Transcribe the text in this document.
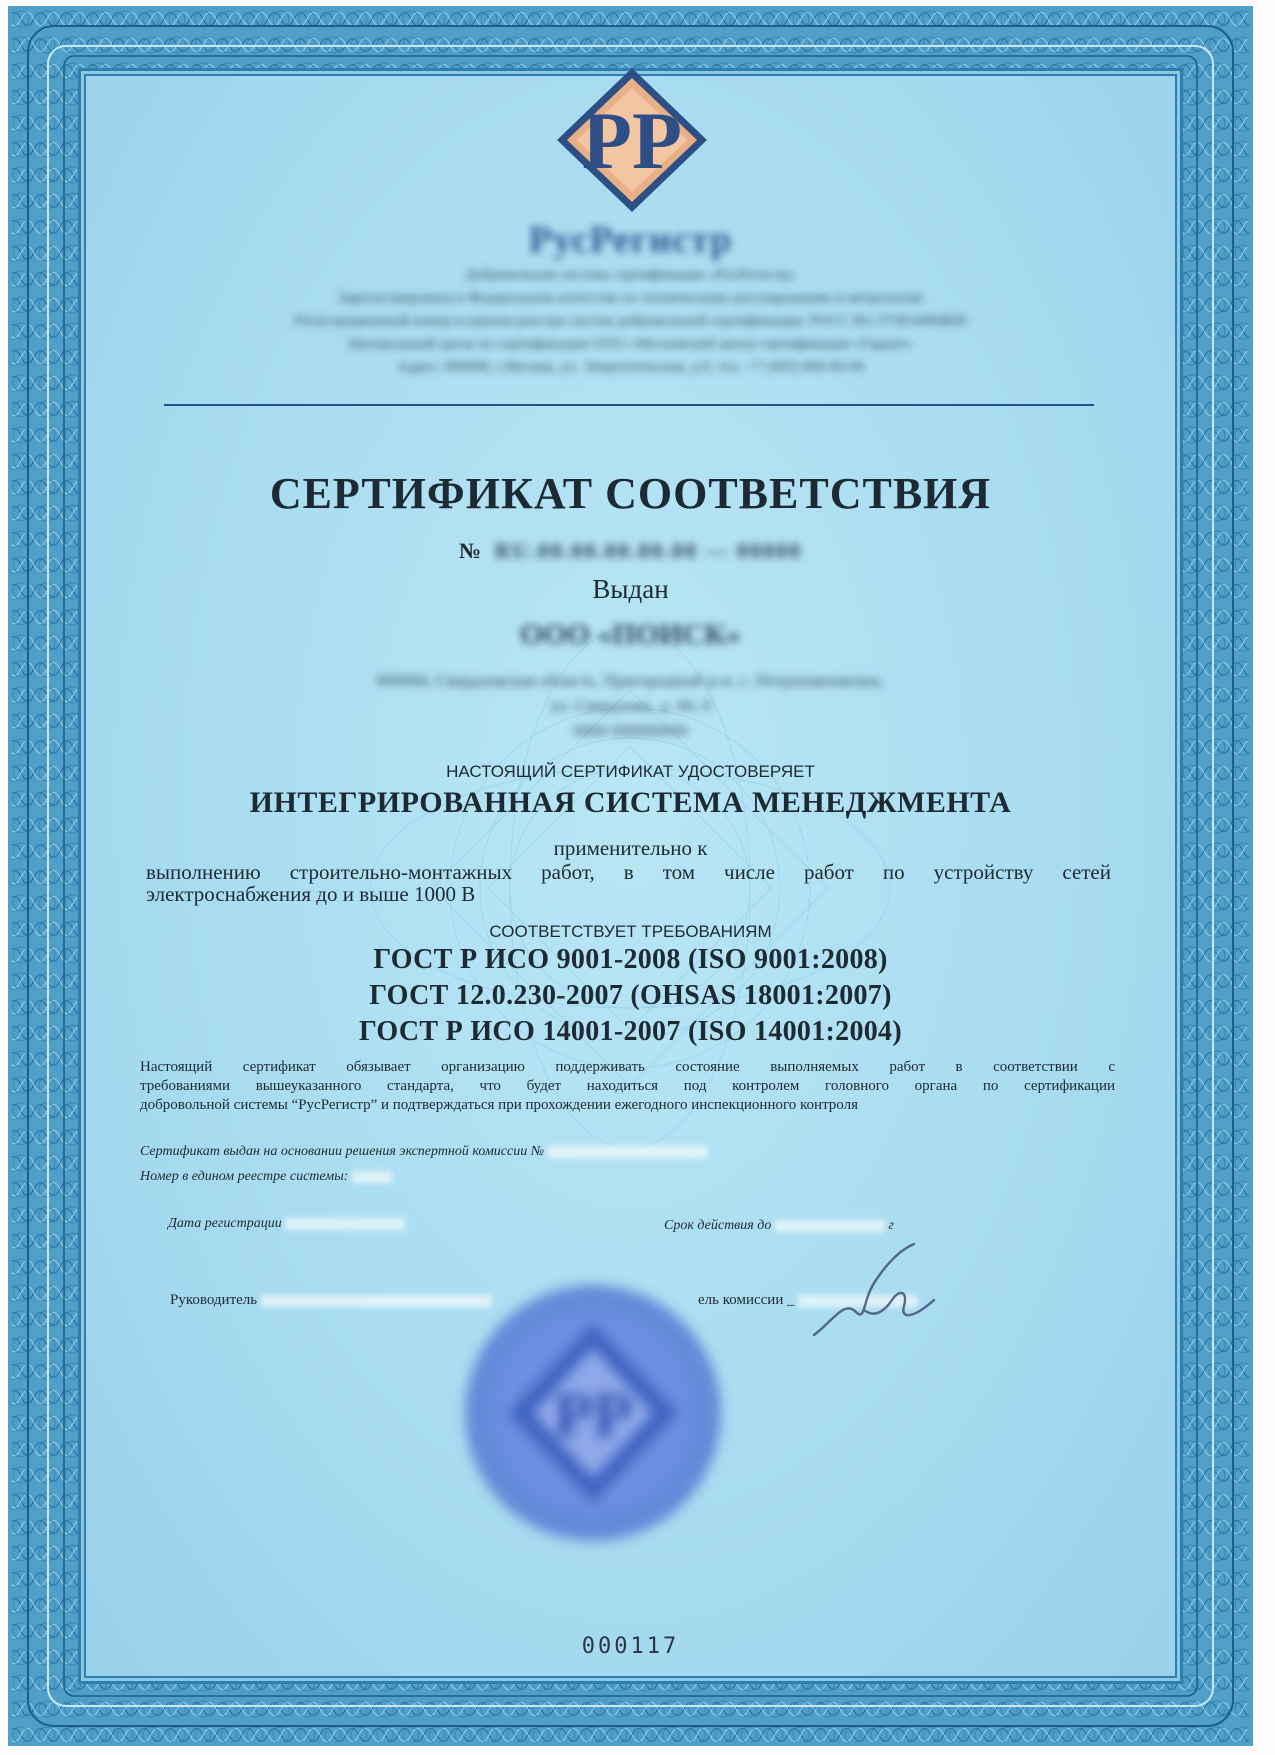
РР
РусРегистр
Добровольная система сертификации «РусРегистр»
Зарегистрирована в Федеральном агентстве по техническому регулированию и метрологии
Регистрационный номер в едином реестре систем добровольной сертификации: РОСС RU.3738.04ФЖ00
Центральный орган по сертификации ООО «Московский центр сертификации «Гарант»
Адрес: 000000, г.Москва, ул. Энергетическая, д.0, тел. +7 (495) 000-00-00
СЕРТИФИКАТ СООТВЕТСТВИЯ
№ RU.00.00.00.00.00 — 00000
Выдан
ООО «ПОИСК»
000000, Свердловская область, Пригородный р-н, с. Петропавловское,
ул. Свердлова, д. 00, 0
0000 000000000
НАСТОЯЩИЙ СЕРТИФИКАТ УДОСТОВЕРЯЕТ
ИНТЕГРИРОВАННАЯ СИСТЕМА МЕНЕДЖМЕНТА
применительно к
выполнению строительно-монтажных работ, в том числе работ по устройству сетей
электроснабжения до и выше 1000 В
СООТВЕТСТВУЕТ ТРЕБОВАНИЯМ
ГОСТ Р ИСО 9001-2008 (ISO 9001:2008)
ГОСТ 12.0.230-2007 (OHSAS 18001:2007)
ГОСТ Р ИСО 14001-2007 (ISO 14001:2004)
Настоящий сертификат обязывает организацию поддерживать состояние выполняемых работ в соответствии с
требованиями вышеуказанного стандарта, что будет находиться под контролем головного органа по сертификации
добровольной системы “РусРегистр” и подтверждаться при прохождении ежегодного инспекционного контроля
Сертификат выдан на основании решения экспертной комиссии №
Номер в едином реестре системы:
Дата регистрации	Срок действия до	г
Руководитель	ель комиссии _
РР
000117
